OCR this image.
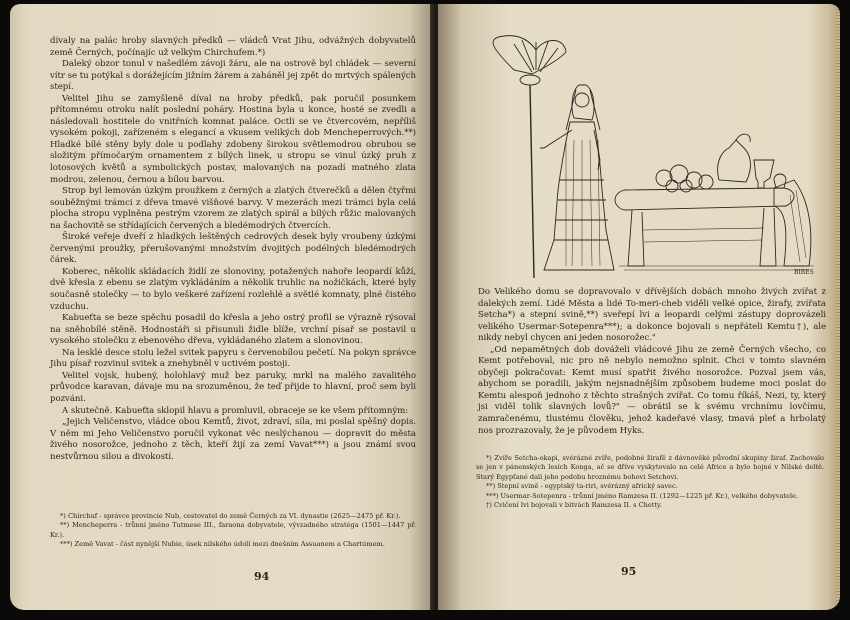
dívaly na palác hroby slavných předků — vládců Vrat Jihu, odvážných dobyvatelů země Černých, počínajíc už velkým Chirchufem.*)

Daleký obzor tonul v našedlém závoji žáru, ale na ostrově byl chládek — severní vítr se tu potýkal s dorážejícím jižním žárem a zaháněl jej zpět do mrtvých spálených stepí.

Velitel Jihu se zamyšleně díval na hroby předků, pak poručil posunkem přítomnému otroku nalít poslední poháry. Hostina byla u konce, hosté se zvedli a následovali hostitele do vnitřních komnat paláce. Octli se ve čtvercovém, nepříliš vysokém pokoji, zařízeném s elegancí a vkusem velikých dob Mencheperrových.**) Hladké bílé stěny byly dole u podlahy zdobeny širokou světlemodrou obrubou se složitým přímočarým ornamentem z bílých linek, u stropu se vinul úzký pruh z lotosových květů a symbolických postav, malovaných na pozadí matného zlata modrou, zelenou, černou a bílou barvou.

Strop byl lemován úzkým proužkem z černých a zlatých čtverečků a dělen čtyřmi souběžnými trámci z dřeva tmavé višňové barvy. V mezerách mezi trámci byla celá plocha stropu vyplněna pestrým vzorem ze zlatých spirál a bílých růžic malovaných na šachovitě se střídajících červených a bledémodrých čtvercích.

Široké veřeje dveří z hladkých leštěných cedrových desek byly vroubeny úzkými červenými proužky, přerušovanými množstvím dvojitých podélných bledémodrých čárek.

Koberec, několik skládacích židlí ze slonoviny, potažených nahoře leopardí kůží, dvě křesla z ebenu se zlatým vykládáním a několik truhlic na nožičkách, které byly současně stolečky — to bylo veškeré zařízení rozlehlé a světlé komnaty, plné čistého vzduchu.

Kabueťta se beze spěchu posadil do křesla a jeho ostrý profil se výrazně rýsoval na sněhobílé stěně. Hodnostáři si přisunuli židle blíže, vrchní písař se postavil u vysokého stolečku z ebenového dřeva, vykládaného zlatem a slonovinou.

Na lesklé desce stolu ležel svitek papyru s červenobílou pečetí. Na pokyn správce Jihu písař rozvinul svitek a znehybněl v uctivém postoji.

Velitel vojsk, hubený, holohlavý muž bez paruky, mrkl na malého zavalitého průvodce karavan, dávaje mu na srozuměnou, že teď přijde to hlavní, proč sem byli pozváni.

A skutečně. Kabueťta sklopil hlavu a promluvil, obraceje se ke všem přítomným:

„Jejich Veličenstvo, vládce obou Kemtů, život, zdraví, síla, mi poslal spěšný dopis. V něm mi Jeho Veličenstvo poručil vykonat věc neslýchanou — dopravit do města živého nosorožce, jednoho z těch, kteří žijí za zemí Vavat***) a jsou známí svou nestvůrnou silou a divokostí.

*) Chirchuf - správce provincie Nub, cestovatel do země Černých za VI. dynastie (2625—2475 př. Kr.).

**) Mencheperra - trůnní jméno Tutmese III., faraona dobyvatele, vývzadného stratéga (1501—1447 př. Kr.).

***) Země Vavat - část nynější Nubie, úsek nilského údolí mezi dnešním Assuanem a Chartúmem.

94
BIRES

Do Velikého domu se dopravovalo v dřívějších dobách mnoho živých zvířat z dalekých zemí. Lidé Města a lidé To-meri-cheb viděli velké opice, žirafy, zvířata Setcha*) a stepní svině,**) sveřepí lvi a leopardi celými zástupy doprovázeli velikého Usermar-Sotepenra***); a dokonce bojovali s nepřáteli Kemtu†), ale nikdy nebyl chycen ani jeden nosorožec."

„Od nepamětných dob dováželi vládcové Jihu ze země Černých všecho, co Kemt potřeboval, nic pro ně nebylo nemožno splnit. Chci v tomto slavném obyčeji pokračovat: Kemt musí spatřit živého nosorožce. Pozval jsem vás, abychom se poradili, jakým nejsnadnějším způsobem budeme moci poslat do Kemtu alespoň jednoho z těchto strašných zvířat. Co tomu říkáš, Nezi, ty, který jsi viděl tolik slavných lovů?" — obrátil se k svému vrchnímu lovčímu, zamračenému, tlustému člověku, jehož kadeřavé vlasy, tmavá pleť a hrbolatý nos prozrazovaly, že je původem Hyks.

*) Zvíře Setcha-okapi, svérázné zvíře, podobné žirafě z dávnověké původní skupiny žiraf. Zachovalo se jen v pánenských lesích Konga, ač se dříve vyskytovalo na celé Africe a bylo hojné v Nilské deltě. Starý Egypťané dali jeho podobu hroznému bohovi Setchovi.

**) Stepní svině - egyptský ta-riri, svérázný africký savec.

***) Usermar-Sotepenra - trůnní jméno Ramzesa II. (1292—1225 př. Kr.), velkého dobyvatele.

†) Cvičení lvi bojovali v bitvách Ramzesa II. s Chetty.

95
